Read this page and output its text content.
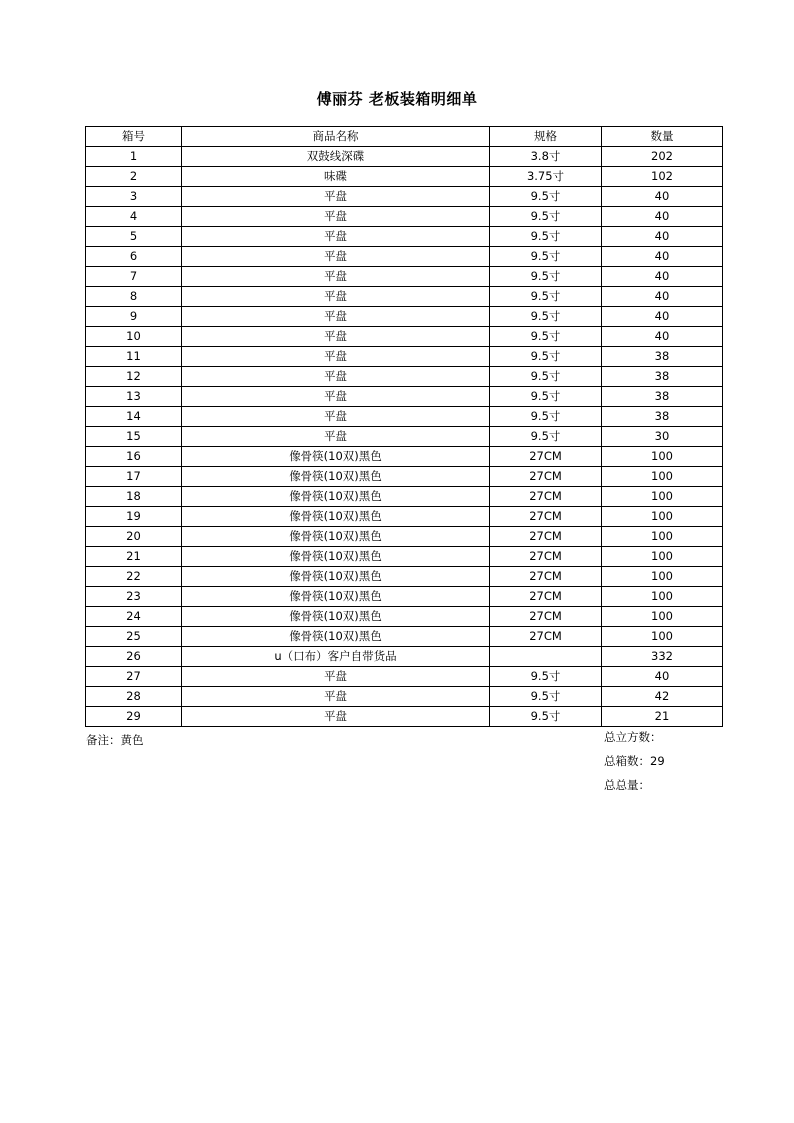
傅丽芬 老板装箱明细单
箱号	商品名称	规格	数量
1	双鼓线深碟	3.8寸	202
2	味碟	3.75寸	102
3	平盘	9.5寸	40
4	平盘	9.5寸	40
5	平盘	9.5寸	40
6	平盘	9.5寸	40
7	平盘	9.5寸	40
8	平盘	9.5寸	40
9	平盘	9.5寸	40
10	平盘	9.5寸	40
11	平盘	9.5寸	38
12	平盘	9.5寸	38
13	平盘	9.5寸	38
14	平盘	9.5寸	38
15	平盘	9.5寸	30
16	像骨筷(10双)黑色	27CM	100
17	像骨筷(10双)黑色	27CM	100
18	像骨筷(10双)黑色	27CM	100
19	像骨筷(10双)黑色	27CM	100
20	像骨筷(10双)黑色	27CM	100
21	像骨筷(10双)黑色	27CM	100
22	像骨筷(10双)黑色	27CM	100
23	像骨筷(10双)黑色	27CM	100
24	像骨筷(10双)黑色	27CM	100
25	像骨筷(10双)黑色	27CM	100
26	u（口布）客户自带货品		332
27	平盘	9.5寸	40
28	平盘	9.5寸	42
29	平盘	9.5寸	21
备注：黄色	总立方数：
总箱数：29
总总量：
